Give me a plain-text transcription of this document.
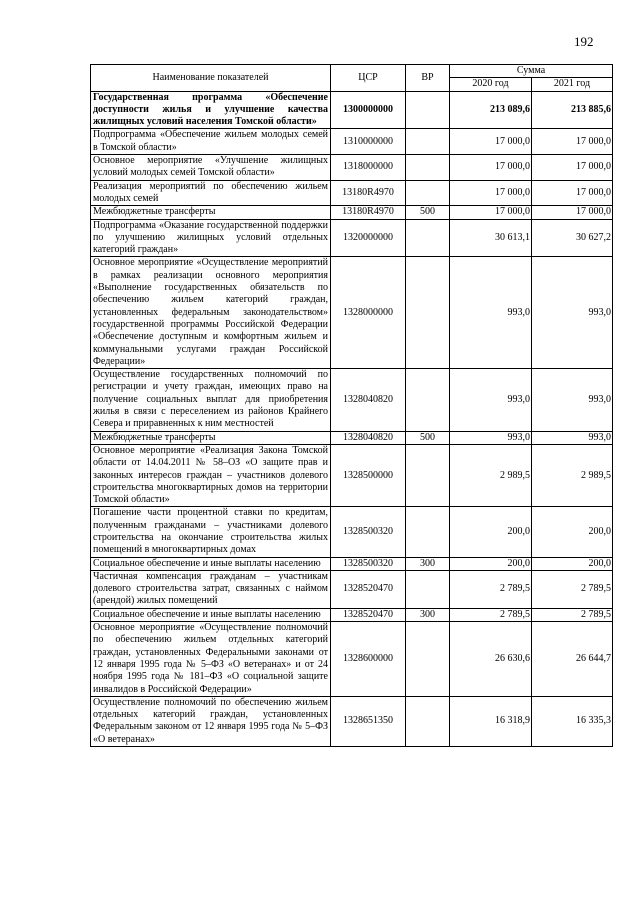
192
Наименование показателей	ЦСР	ВР	Сумма	
			2020 год	2021 год
Государственная программа «Обеспечение доступности жилья и улучшение качества жилищных условий населения Томской области»	1300000000		213 089,6	213 885,6
Подпрограмма «Обеспечение жильем молодых семей в Томской области»	1310000000		17 000,0	17 000,0
Основное мероприятие «Улучшение жилищных условий молодых семей Томской области»	1318000000		17 000,0	17 000,0
Реализация мероприятий по обеспечению жильем молодых семей	13180R4970		17 000,0	17 000,0
Межбюджетные трансферты	13180R4970	500	17 000,0	17 000,0
Подпрограмма «Оказание государственной поддержки по улучшению жилищных условий отдельных категорий граждан»	1320000000		30 613,1	30 627,2
Основное мероприятие «Осуществление мероприятий в рамках реализации основного мероприятия «Выполнение государственных обязательств по обеспечению жильем категорий граждан, установленных федеральным законодательством» государственной программы Российской Федерации «Обеспечение доступным и комфортным жильем и коммунальными услугами граждан Российской Федерации»	1328000000		993,0	993,0
Осуществление государственных полномочий по регистрации и учету граждан, имеющих право на получение социальных выплат для приобретения жилья в связи с переселением из районов Крайнего Севера и приравненных к ним местностей	1328040820		993,0	993,0
Межбюджетные трансферты	1328040820	500	993,0	993,0
Основное мероприятие «Реализация Закона Томской области от 14.04.2011 № 58–ОЗ «О защите прав и законных интересов граждан – участников долевого строительства многоквартирных домов на территории Томской области»	1328500000		2 989,5	2 989,5
Погашение части процентной ставки по кредитам, полученным гражданами – участниками долевого строительства на окончание строительства жилых помещений в многоквартирных домах	1328500320		200,0	200,0
Социальное обеспечение и иные выплаты населению	1328500320	300	200,0	200,0
Частичная компенсация гражданам – участникам долевого строительства затрат, связанных с наймом (арендой) жилых помещений	1328520470		2 789,5	2 789,5
Социальное обеспечение и иные выплаты населению	1328520470	300	2 789,5	2 789,5
Основное мероприятие «Осуществление полномочий по обеспечению жильем отдельных категорий граждан, установленных Федеральными законами от 12 января 1995 года № 5–ФЗ «О ветеранах» и от 24 ноября 1995 года № 181–ФЗ «О социальной защите инвалидов в Российской Федерации»	1328600000		26 630,6	26 644,7
Осуществление полномочий по обеспечению жильем отдельных категорий граждан, установленных Федеральным законом от 12 января 1995 года № 5–ФЗ «О ветеранах»	1328651350		16 318,9	16 335,3
